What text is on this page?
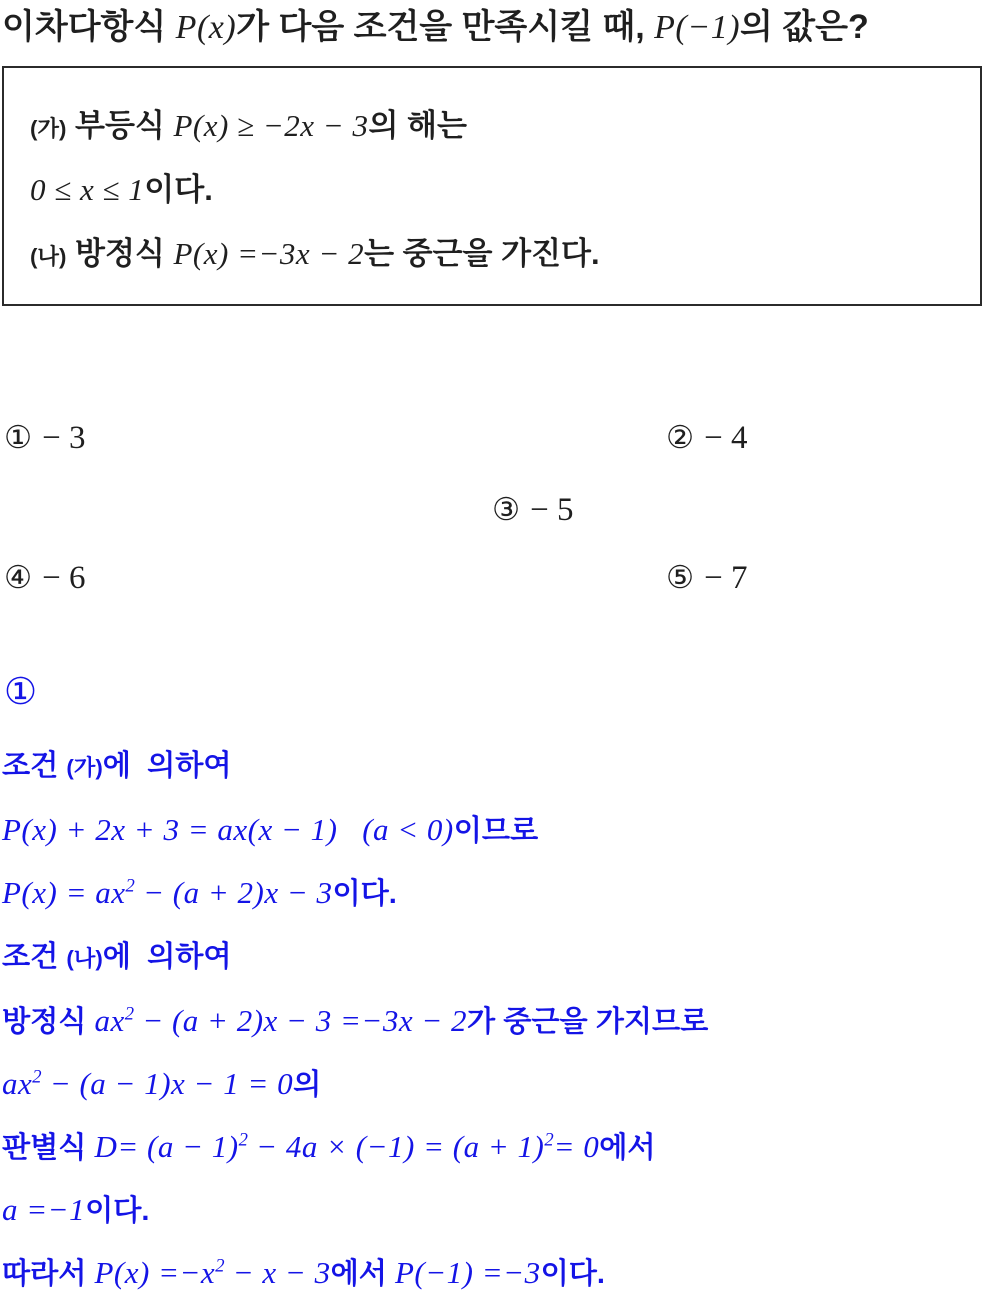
이차다항식 P(x)가 다음 조건을 만족시킬 때, P(−1)의 값은?
(가) 부등식 P(x) ≥ −2x − 3의 해는
0 ≤ x ≤ 1이다.
(나) 방정식 P(x) =−3x − 2는 중근을 가진다.
① − 3	② − 4
③ − 5
④ − 6	⑤ − 7
①
조건 (가)에  의하여
P(x) + 2x + 3 = ax(x − 1)   (a < 0)이므로
$P(x) = ax^2 - (a + 2)x - 3$이다.
조건 (나)에  의하여
방정식 $ax^2 - (a + 2)x - 3 =-3x - 2$가 중근을 가지므로
$ax^2 - (a - 1)x - 1 = 0$의
판별식 $D= (a - 1)^2 - 4a \times (-1) = (a + 1)^2= 0$에서
a =−1이다.
따라서 $P(x) =-x^2 - x - 3$에서 P(−1) =−3이다.
